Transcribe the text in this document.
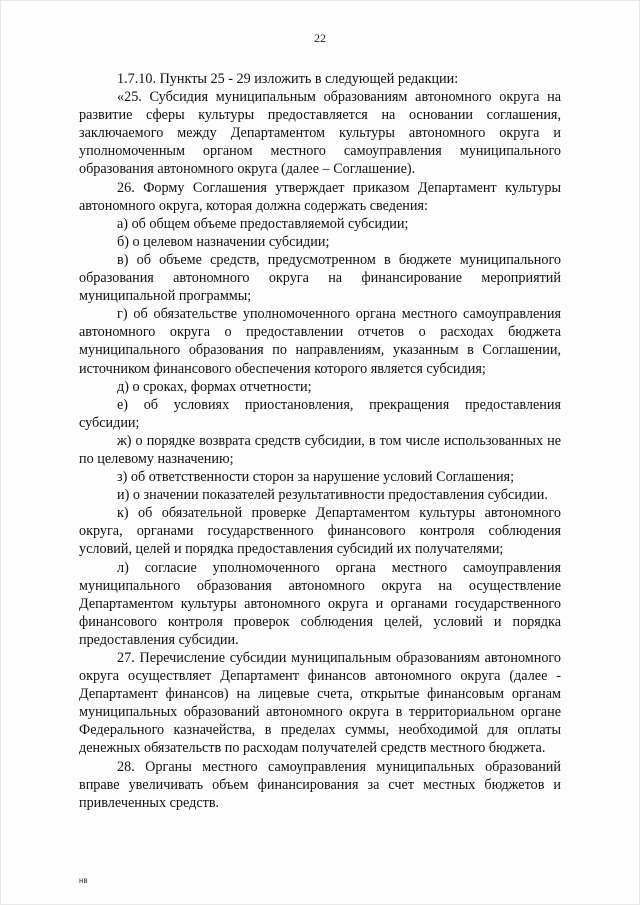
22

1.7.10. Пункты 25 - 29 изложить в следующей редакции:

«25. Субсидия муниципальным образованиям автономного округа на развитие сферы культуры предоставляется на основании соглашения, заключаемого между Департаментом культуры автономного округа и уполномоченным органом местного самоуправления муниципального образования автономного округа (далее – Соглашение).

26. Форму Соглашения утверждает приказом Департамент культуры автономного округа, которая должна содержать сведения:

а) об общем объеме предоставляемой субсидии;

б) о целевом назначении субсидии;

в) об объеме средств, предусмотренном в бюджете муниципального образования автономного округа на финансирование мероприятий муниципальной программы;

г) об обязательстве уполномоченного органа местного самоуправления автономного округа о предоставлении отчетов о расходах бюджета муниципального образования по направлениям, указанным в Соглашении, источником финансового обеспечения которого является субсидия;

д) о сроках, формах отчетности;

е) об условиях приостановления, прекращения предоставления субсидии;

ж) о порядке возврата средств субсидии, в том числе использованных не по целевому назначению;

з) об ответственности сторон за нарушение условий Соглашения;

и) о значении показателей результативности предоставления субсидии.

к) об обязательной проверке Департаментом культуры автономного округа, органами государственного финансового контроля соблюдения условий, целей и порядка предоставления субсидий их получателями;

л) согласие уполномоченного органа местного самоуправления муниципального образования автономного округа на осуществление Департаментом культуры автономного округа и органами государственного финансового контроля проверок соблюдения целей, условий и порядка предоставления субсидии.

27. Перечисление субсидии муниципальным образованиям автономного округа осуществляет Департамент финансов автономного округа (далее - Департамент финансов) на лицевые счета, открытые финансовым органам муниципальных образований автономного округа в территориальном органе Федерального казначейства, в пределах суммы, необходимой для оплаты денежных обязательств по расходам получателей средств местного бюджета.

28. Органы местного самоуправления муниципальных образований вправе увеличивать объем финансирования за счет местных бюджетов и привлеченных средств.

нв
